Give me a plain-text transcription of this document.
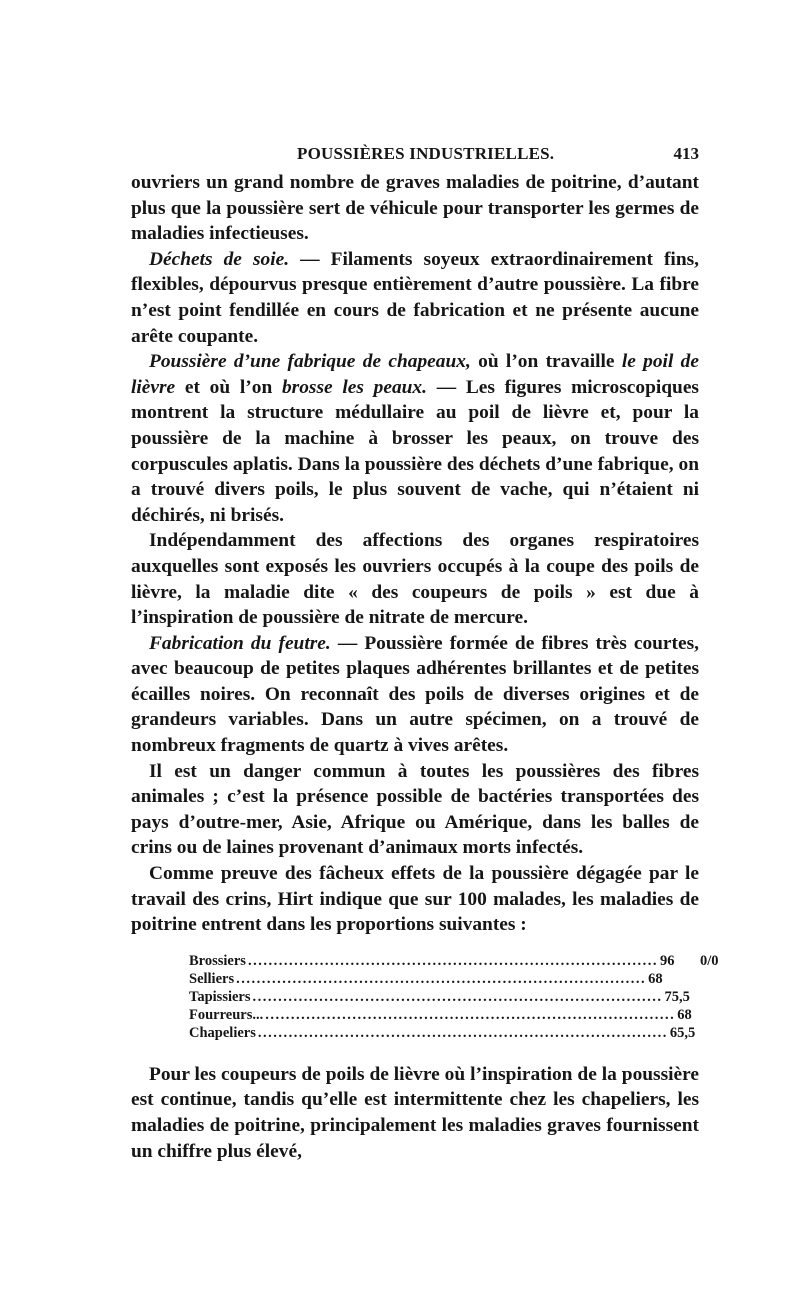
POUSSIÈRES INDUSTRIELLES.	413

ouvriers un grand nombre de graves maladies de poitrine, d’autant plus que la poussière sert de véhicule pour transporter les germes de maladies infectieuses.

Déchets de soie. — Filaments soyeux extraordinairement fins, flexibles, dépourvus presque entièrement d’autre poussière. La fibre n’est point fendillée en cours de fabrication et ne présente aucune arête coupante.

Poussière d’une fabrique de chapeaux, où l’on travaille le poil de lièvre et où l’on brosse les peaux. — Les figures microscopiques montrent la structure médullaire au poil de lièvre et, pour la poussière de la machine à brosser les peaux, on trouve des corpuscules aplatis. Dans la poussière des déchets d’une fabrique, on a trouvé divers poils, le plus souvent de vache, qui n’étaient ni déchirés, ni brisés.

Indépendamment des affections des organes respiratoires auxquelles sont exposés les ouvriers occupés à la coupe des poils de lièvre, la maladie dite « des coupeurs de poils » est due à l’inspiration de poussière de nitrate de mercure.

Fabrication du feutre. — Poussière formée de fibres très courtes, avec beaucoup de petites plaques adhérentes brillantes et de petites écailles noires. On reconnaît des poils de diverses origines et de grandeurs variables. Dans un autre spécimen, on a trouvé de nombreux fragments de quartz à vives arêtes.

Il est un danger commun à toutes les poussières des fibres animales ; c’est la présence possible de bactéries transportées des pays d’outre-mer, Asie, Afrique ou Amérique, dans les balles de crins ou de laines provenant d’animaux morts infectés.

Comme preuve des fâcheux effets de la poussière dégagée par le travail des crins, Hirt indique que sur 100 malades, les maladies de poitrine entrent dans les proportions suivantes :

Brossiers ................................................................................ 96	0/0
Selliers ................................................................................ 68
Tapissiers ................................................................................ 75,5
Fourreurs... ................................................................................ 68
Chapeliers ................................................................................ 65,5

Pour les coupeurs de poils de lièvre où l’inspiration de la poussière est continue, tandis qu’elle est intermittente chez les chapeliers, les maladies de poitrine, principalement les maladies graves fournissent un chiffre plus élevé,
